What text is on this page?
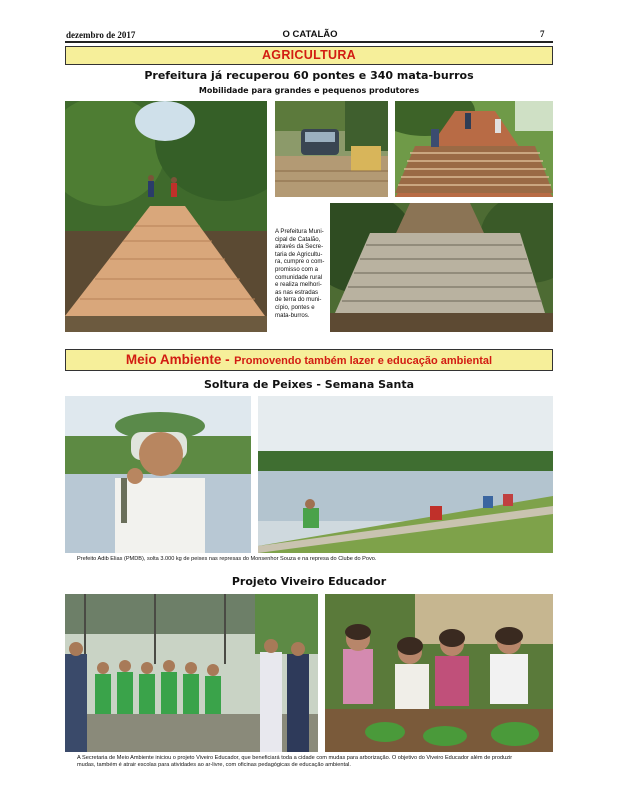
dezembro de 2017	O CATALÃO	7
AGRICULTURA
Prefeitura já recuperou 60 pontes e 340 mata-burros
Mobilidade para grandes e pequenos produtores
A Prefeitura Muni-
cipal de Catalão,
através da Secre-
taria de Agricultu-
ra, cumpre o com-
promisso com a
comunidade rural
e realiza melhori-
as nas estradas
de terra do muni-
cípio, pontes e
mata-burros.
Meio Ambiente - Promovendo também lazer e educação ambiental
Soltura de Peixes - Semana Santa
Prefeito Adib Elias (PMDB), solta 3.000 kg de peixes nas represas do Monsenhor Souza e na represa do Clube do Povo.
Projeto Viveiro Educador
A Secretaria de Meio Ambiente iniciou o projeto Viveiro Educador, que beneficiará toda a cidade com mudas para arborização. O objetivo do Viveiro Educador além de produzir
mudas, também é atrair escolas para atividades ao ar-livre, com oficinas pedagógicas de educação ambiental.
